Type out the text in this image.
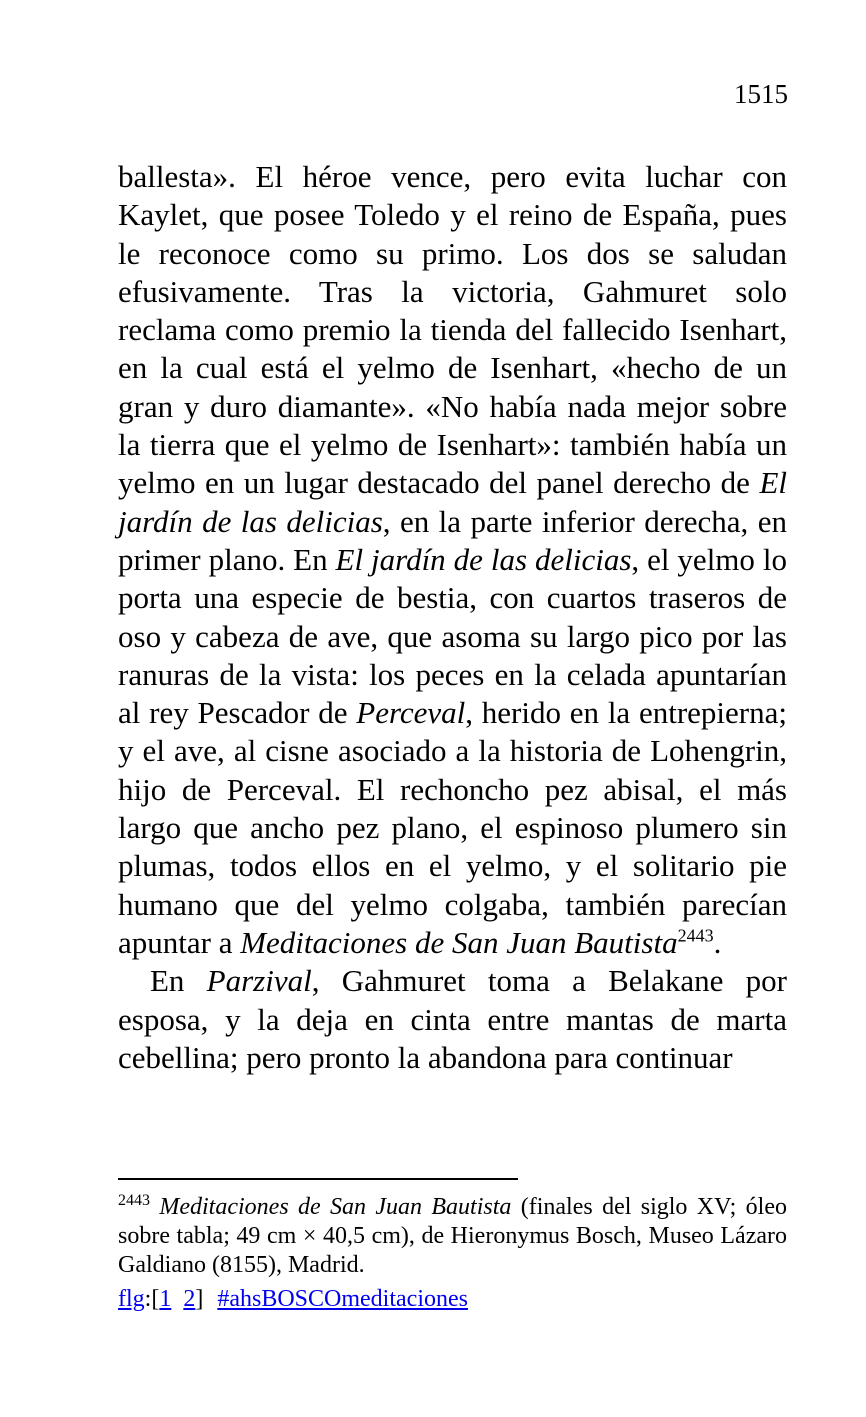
1515

ballesta». El héroe vence, pero evita luchar con Kaylet, que posee Toledo y el reino de España, pues le reconoce como su primo. Los dos se saludan efusivamente. Tras la victoria, Gahmuret solo reclama como premio la tienda del fallecido Isenhart, en la cual está el yelmo de Isenhart, «hecho de un gran y duro diamante». «No había nada mejor sobre la tierra que el yelmo de Isenhart»: también había un yelmo en un lugar destacado del panel derecho de El jardín de las delicias, en la parte inferior derecha, en primer plano. En El jardín de las delicias, el yelmo lo porta una especie de bestia, con cuartos traseros de oso y cabeza de ave, que asoma su largo pico por las ranuras de la vista: los peces en la celada apuntarían al rey Pescador de Perceval, herido en la entrepierna; y el ave, al cisne asociado a la historia de Lohengrin, hijo de Perceval. El rechoncho pez abisal, el más largo que ancho pez plano, el espinoso plumero sin plumas, todos ellos en el yelmo, y el solitario pie humano que del yelmo colgaba, también parecían apuntar a Meditaciones de San Juan Bautista$^{2443}$.

En Parzival, Gahmuret toma a Belakane por esposa, y la deja en cinta entre mantas de marta cebellina; pero pronto la abandona para continuar

$^{2443}$ Meditaciones de San Juan Bautista (finales del siglo XV; óleo sobre tabla; 49 cm × 40,5 cm), de Hieronymus Bosch, Museo Lázaro Galdiano (8155), Madrid.

flg:[1 2] #ahsBOSCOmeditaciones
